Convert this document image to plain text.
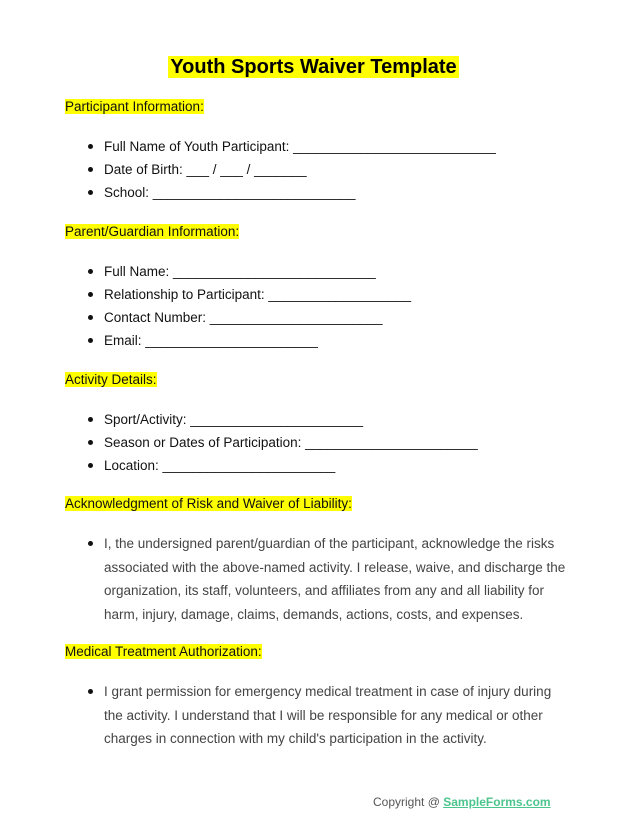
Youth Sports Waiver Template
Participant Information:
Full Name of Youth Participant: ___________________________
Date of Birth: ___ / ___ / _______
School: ___________________________
Parent/Guardian Information:
Full Name: ___________________________
Relationship to Participant: ___________________
Contact Number: _______________________
Email: _______________________
Activity Details:
Sport/Activity: _______________________
Season or Dates of Participation: _______________________
Location: _______________________
Acknowledgment of Risk and Waiver of Liability:
I, the undersigned parent/guardian of the participant, acknowledge the risks associated with the above-named activity. I release, waive, and discharge the organization, its staff, volunteers, and affiliates from any and all liability for harm, injury, damage, claims, demands, actions, costs, and expenses.
Medical Treatment Authorization:
I grant permission for emergency medical treatment in case of injury during the activity. I understand that I will be responsible for any medical or other charges in connection with my child's participation in the activity.
Copyright @ SampleForms.com
